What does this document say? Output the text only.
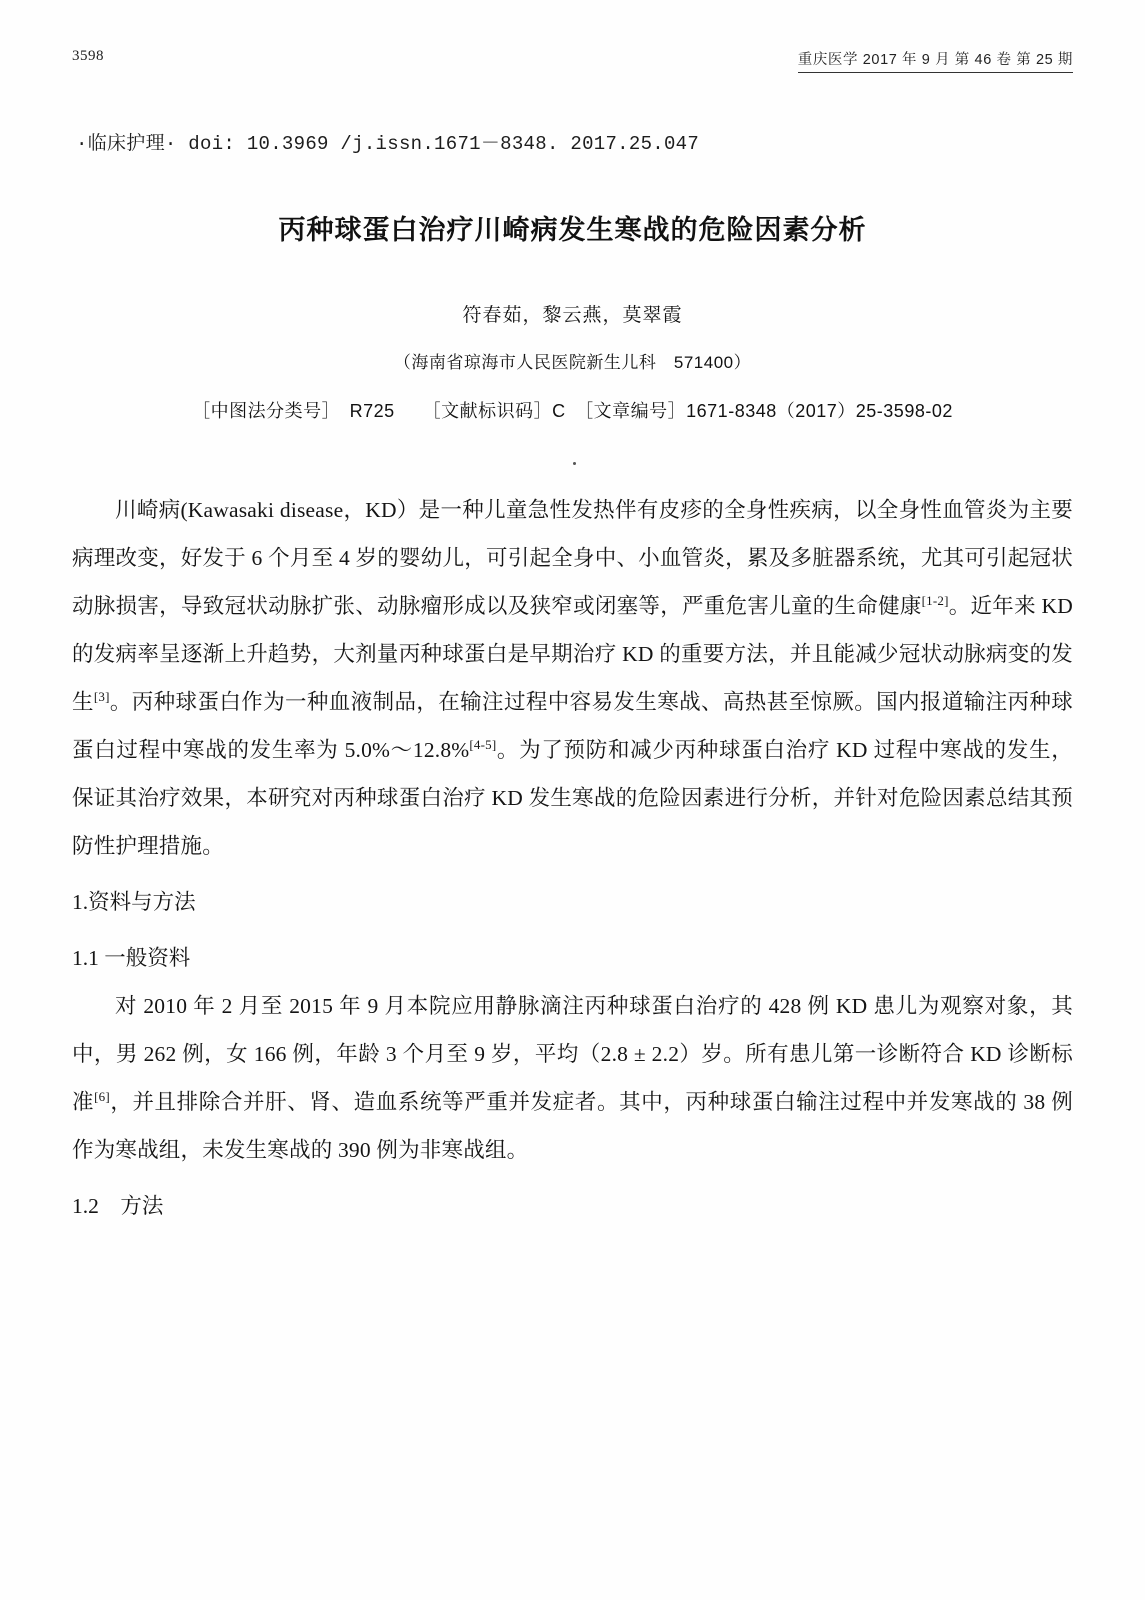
3598	重庆医学 2017 年 9 月 第 46 卷 第 25 期
·临床护理· doi: 10.3969 /j.issn.1671－8348. 2017.25.047
丙种球蛋白治疗川崎病发生寒战的危险因素分析
符春茹，黎云燕，莫翠霞
（海南省琼海市人民医院新生儿科　571400）
［中图法分类号］　R725　　［文献标识码］C　［文章编号］1671-8348（2017）25-3598-02

川崎病(Kawasaki disease，KD）是一种儿童急性发热伴有皮疹的全身性疾病，以全身性血管炎为主要病理改变，好发于 6 个月至 4 岁的婴幼儿，可引起全身中、小血管炎，累及多脏器系统，尤其可引起冠状动脉损害，导致冠状动脉扩张、动脉瘤形成以及狭窄或闭塞等，严重危害儿童的生命健康[1-2]。近年来 KD 的发病率呈逐渐上升趋势，大剂量丙种球蛋白是早期治疗 KD 的重要方法，并且能减少冠状动脉病变的发生[3]。丙种球蛋白作为一种血液制品，在输注过程中容易发生寒战、高热甚至惊厥。国内报道输注丙种球蛋白过程中寒战的发生率为 5.0%～12.8%[4-5]。为了预防和减少丙种球蛋白治疗 KD 过程中寒战的发生，保证其治疗效果，本研究对丙种球蛋白治疗 KD 发生寒战的危险因素进行分析，并针对危险因素总结其预防性护理措施。

1.资料与方法

1.1 一般资料

对 2010 年 2 月至 2015 年 9 月本院应用静脉滴注丙种球蛋白治疗的 428 例 KD 患儿为观察对象，其中，男 262 例，女 166 例，年龄 3 个月至 9 岁，平均（2.8 ± 2.2）岁。所有患儿第一诊断符合 KD 诊断标准[6]，并且排除合并肝、肾、造血系统等严重并发症者。其中，丙种球蛋白输注过程中并发寒战的 38 例作为寒战组，未发生寒战的 390 例为非寒战组。

1.2　方法
